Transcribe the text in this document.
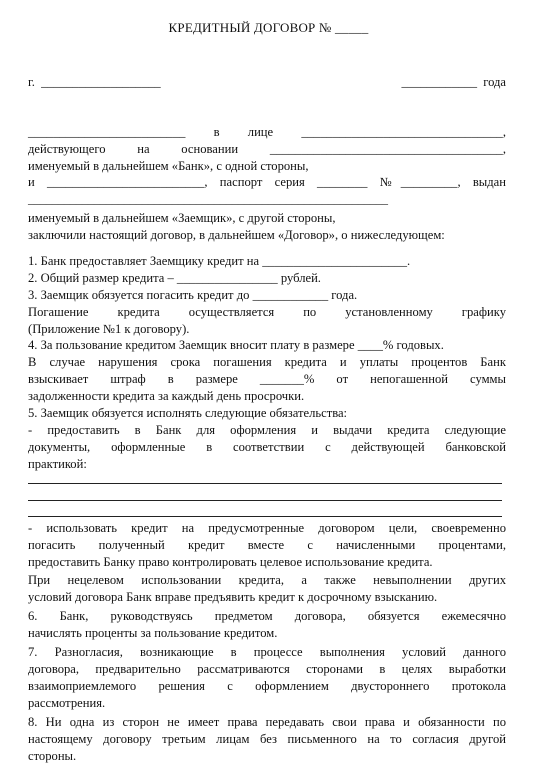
КРЕДИТНЫЙ ДОГОВОР № _____
г. ___________________                                       ____________ года
_________________________ в лице ________________________________,
действующего на основании _____________________________________,
именуемый в дальнейшем «Банк», с одной стороны,
и _________________________, паспорт серия ________ №_________, выдан
____________________________________________________________
именуемый в дальнейшем «Заемщик», с другой стороны,
заключили настоящий договор, в дальнейшем «Договор», о нижеследующем:
1. Банк предоставляет Заемщику кредит на _______________________.
2. Общий размер кредита – ________________ рублей.
3. Заемщик обязуется погасить кредит до ____________ года.
Погашение кредита осуществляется по установленному графику
(Приложение №1 к договору).
4. За пользование кредитом Заемщик вносит плату в размере ____% годовых.
В случае нарушения срока погашения кредита и уплаты процентов Банк
взыскивает штраф в размере _______% от непогашенной суммы
задолженности кредита за каждый день просрочки.
5. Заемщик обязуется исполнять следующие обязательства:
- предоставить в Банк для оформления и выдачи кредита следующие
документы, оформленные в соответствии с действующей банковской
практикой:
- использовать кредит на предусмотренные договором цели, своевременно
погасить полученный кредит вместе с начисленными процентами,
предоставить Банку право контролировать целевое использование кредита.
При нецелевом использовании кредита, а также невыполнении других
условий договора Банк вправе предъявить кредит к досрочному взысканию.
6. Банк, руководствуясь предметом договора, обязуется ежемесячно
начислять проценты за пользование кредитом.
7. Разногласия, возникающие в процессе выполнения условий данного
договора, предварительно рассматриваются сторонами в целях выработки
взаимоприемлемого решения с оформлением двустороннего протокола
рассмотрения.
8. Ни одна из сторон не имеет права передавать свои права и обязанности по
настоящему договору третьим лицам без письменного на то согласия другой
стороны.
